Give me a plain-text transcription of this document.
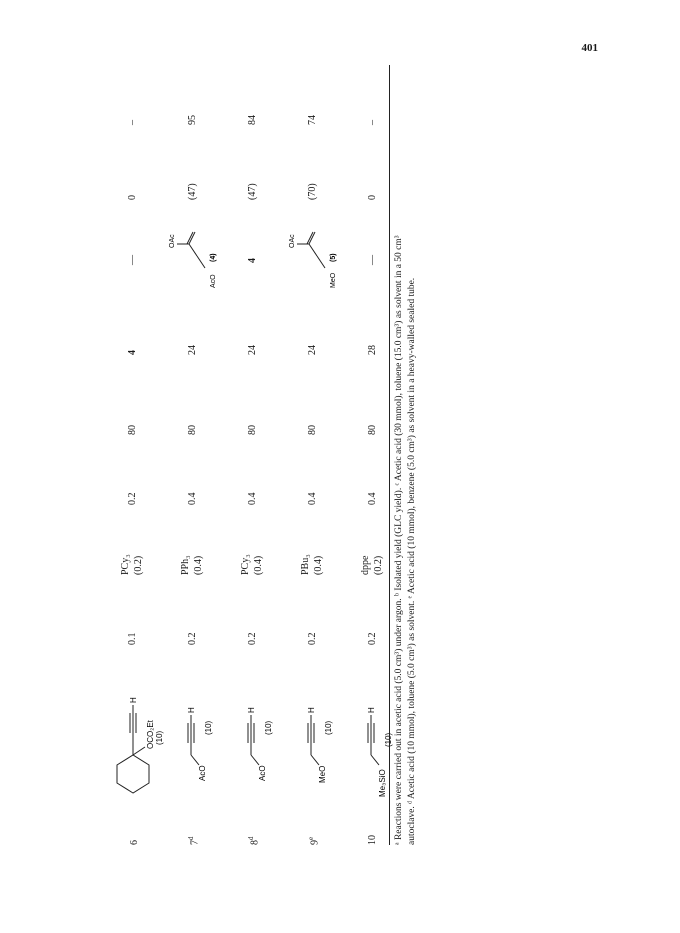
401
6
H
OCO₂Et (10)
0.1
PCy₃ (0.2)
0.2
80
4
—
0
–
7$^d$
AcO
H
(10)
0.2
PPh₃ (0.4)
0.4
80
24
OAc
AcO
(4)
(47)
95
8$^d$
AcO
H
(10)
0.2
PCy₃ (0.4)
0.4
80
24
4
(47)
84
9e
MeO
H
(10)
0.2
PBu₃ (0.4)
0.4
80
24
OAc
MeO
(5)
(70)
74
10
Me₃SiO
H
(10)
0.2
dppe (0.2)
0.4
80
28
—
0
–
ᵃ Reactions were carried out in acetic acid (5.0 cm³) under argon. ᵇ Isolated yield (GLC yield). ᶜ Acetic acid (30 mmol), toluene (15.0 cm³) as solvent in a 50 cm³ autoclave. ᵈ Acetic acid (10 mmol), toluene (5.0 cm³) as solvent. ᵉ Acetic acid (10 mmol), benzene (5.0 cm³) as solvent in a heavy-walled sealed tube.
